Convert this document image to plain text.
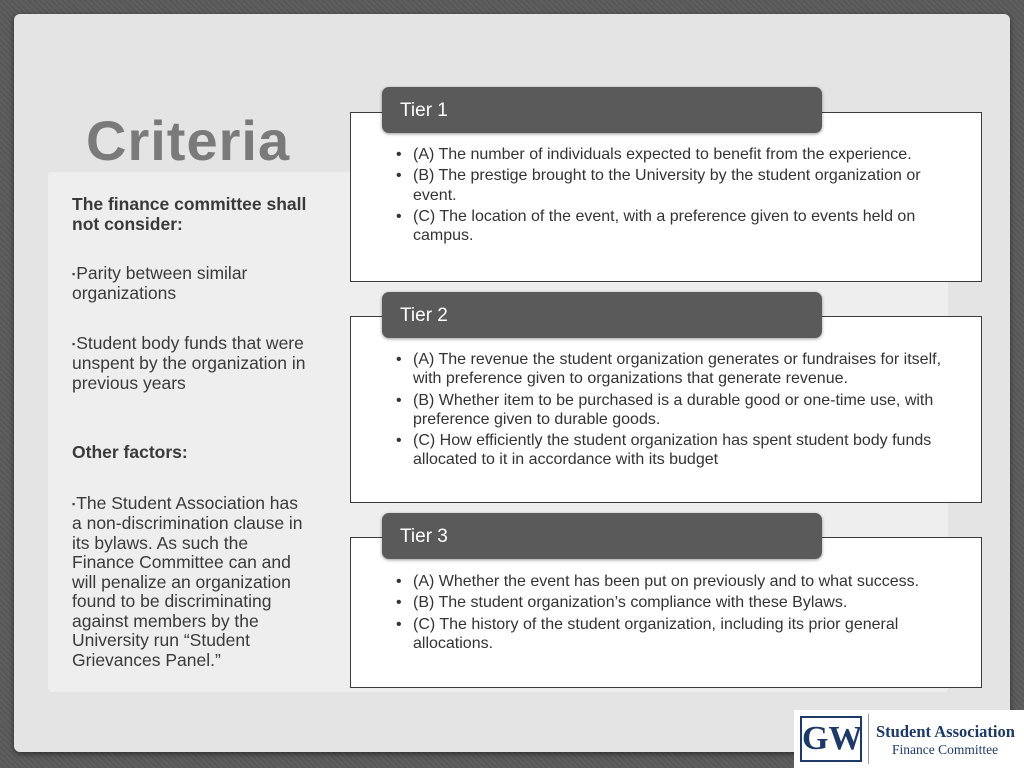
Criteria
The finance committee shall not consider:
▪Parity between similar organizations
▪Student body funds that were unspent by the organization in previous years
Other factors:
▪The Student Association has a non-discrimination clause in its bylaws. As such the Finance Committee can and will penalize an organization found to be discriminating against members by the University run “Student Grievances Panel.”
• (A) The number of individuals expected to benefit from the experience.
• (B) The prestige brought to the University by the student organization or event.
• (C) The location of the event, with a preference given to events held on campus.
Tier 1
• (A) The revenue the student organization generates or fundraises for itself, with preference given to organizations that generate revenue.
• (B) Whether item to be purchased is a durable good or one-time use, with preference given to durable goods.
• (C) How efficiently the student organization has spent student body funds allocated to it in accordance with its budget
Tier 2
• (A) Whether the event has been put on previously and to what success.
• (B) The student organization’s compliance with these Bylaws.
• (C) The history of the student organization, including its prior general allocations.
Tier 3
GW Student Association
Finance Committee
